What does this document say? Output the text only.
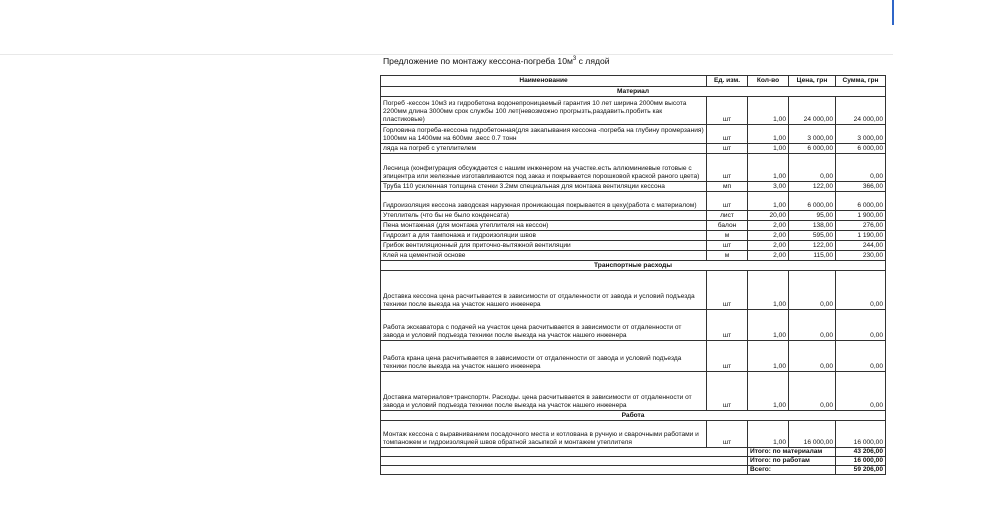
Предложение по монтажу кессона-погреба $10м^3$ с лядой
Наименование	Ед. изм.	Кол-во	Цена, грн	Сумма, грн
Материал				
Погреб -кессон 10м3 из гидробетона водонепроницаемый гарантия 10 лет ширина 2000мм высота 2200мм длина 3000мм срок службы 100 лет(невозможно прогрызть,раздавить.пробить как пластиковые)	шт	1,00	24 000,00	24 000,00
Горловина погреба-кессона гидробетонная(для закапывания кессона -погреба на глубину промерзания) 1000мм на 1400мм на 600мм .весс 0.7 тонн	шт	1,00	3 000,00	3 000,00
ляда на погреб с утеплителем	шт	1,00	6 000,00	6 000,00
Лесница (конфигурация обсуждается с нашим инженером на участке.есть аллюминиевые готовые с эпицентра или железные изготавливаются под заказ и покрывается порошковой краской раного цвета)	шт	1,00	0,00	0,00
Труба 110 усиленная толщина стенки 3.2мм специальная для монтажа вентиляции кессона	мп	3,00	122,00	366,00
Гидроизоляция кессона заводская наружная проникающая покрывается в цеху(работа с материалом)	шт	1,00	6 000,00	6 000,00
Утеплитель (что бы не было конденсата)	лист	20,00	95,00	1 900,00
Пена монтажная (для монтажа утеплителя на кессон)	балон	2,00	138,00	276,00
Гидрозит а для тампонажа и гидроизоляции швов	м	2,00	595,00	1 190,00
Грибок вентиляционный для приточно-вытяжной вентиляции	шт	2,00	122,00	244,00
Клей на цементной основе	м	2,00	115,00	230,00
Транспортные расходы				
Доставка кессона цена расчитывается в зависимости от отдаленности от завода и условий подъезда техники после выезда на участок нашего инженера	шт	1,00	0,00	0,00
Работа экскаватора с подачей на участок цена расчитывается в зависимости от отдаленности от завода и условий подъезда техники после выезда на участок нашего инженера	шт	1,00	0,00	0,00
Работа крана цена расчитывается в зависимости от отдаленности от завода и условий подъезда техники после выезда на участок нашего инженера	шт	1,00	0,00	0,00
Доставка материалов+транспортн. Расходы. цена расчитывается в зависимости от отдаленности от завода и условий подъезда техники после выезда на участок нашего инженера	шт	1,00	0,00	0,00
Работа				
Монтаж кессона с выравниванием посадочного места и котлована в ручную и сварочными работами и томпаножем и гидроизоляцией швов обратной засыпкой и монтажем утеплителя	шт	1,00	16 000,00	16 000,00
		Итого: по материалам		43 206,00
		Итого: по работам		16 000,00
		Всего:		59 206,00
